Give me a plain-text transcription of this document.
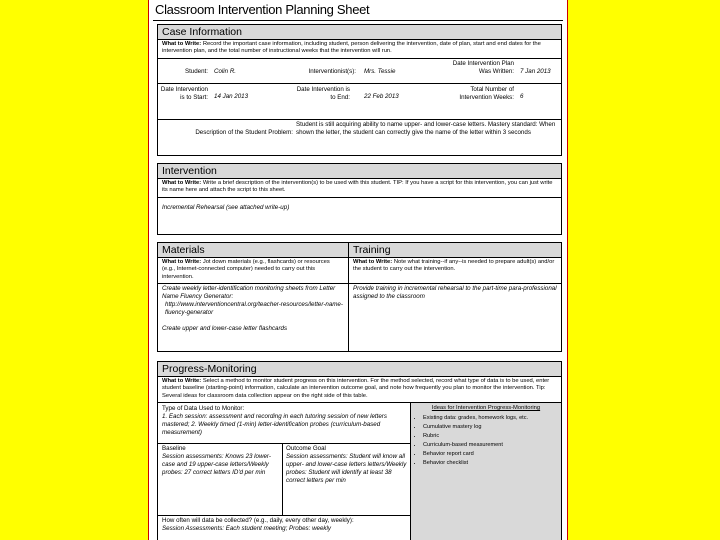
Classroom Intervention Planning Sheet
Case Information
What to Write: Record the important case information, including student, person delivering the intervention, date of plan, start and end dates for the intervention plan, and the total number of instructional weeks that the intervention will run.
Student: Colin R.	Interventionist(s): Mrs. Tessie
Date Intervention Plan Was Written: 7 Jan 2013
Date Intervention is to Start: 14 Jan 2013
Date Intervention is to End: 22 Feb 2013
Total Number of Intervention Weeks: 6
Description of the Student Problem:
Student is still acquiring ability to name upper- and lower-case letters. Mastery standard: When shown the letter, the student can correctly give the name of the letter within 3 seconds
Intervention
What to Write: Write a brief description of the intervention(s) to be used with this student. TIP: If you have a script for this intervention, you can just write its name here and attach the script to this sheet.
Incremental Rehearsal (see attached write-up)
Materials
What to Write: Jot down materials (e.g., flashcards) or resources (e.g., Internet-connected computer) needed to carry out this intervention.
Create weekly letter-identification monitoring sheets from Letter Name Fluency Generator:
http://www.interventioncentral.org/teacher-resources/letter-name-fluency-generator
Create upper and lower-case letter flashcards
Training
What to Write: Note what training--if any--is needed to prepare adult(s) and/or the student to carry out the intervention.
Provide training in incremental rehearsal to the part-time para-professional assigned to the classroom
Progress-Monitoring
What to Write: Select a method to monitor student progress on this intervention. For the method selected, record what type of data is to be used, enter student baseline (starting-point) information, calculate an intervention outcome goal, and note how frequently you plan to monitor the intervention. Tip: Several ideas for classroom data collection appear on the right side of this table.
Type of Data Used to Monitor:
1. Each session: assessment and recording in each tutoring session of new letters mastered; 2. Weekly timed (1-min) letter-identification probes (curriculum-based measurement)
Baseline
Session assessments: Knows 23 lower-case and 19 upper-case letters/Weekly probes: 27 correct letters ID'd per min
Outcome Goal
Session assessments: Student will know all upper- and lower-case letters letters/Weekly probes: Student will identify at least 38 correct letters per min
How often will data be collected? (e.g., daily, every other day, weekly):
Session Assessments: Each student meeting; Probes: weekly
Ideas for Intervention Progress-Monitoring
• Existing data: grades, homework logs, etc.
• Cumulative mastery log
• Rubric
• Curriculum-based measurement
• Behavior report card
• Behavior checklist
